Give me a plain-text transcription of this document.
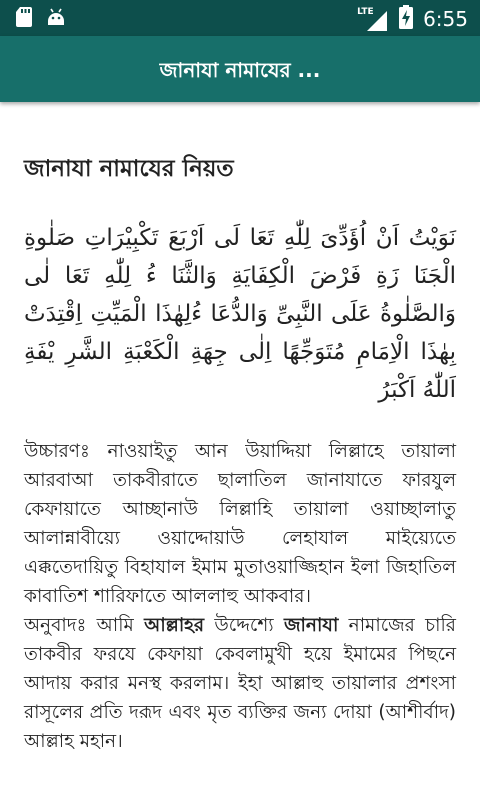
LTE 6:55
জানাযা নামাযের ...
জানাযা নামাযের নিয়ত

نَوَيْتُ اَنْ اُؤَدِّىَ لِلّٰهِ تَعَا لَى اَرْبَعَ تَكْبِيْرَاتِ صَلٰوةِ الْجَنَا زَةِ فَرْضَ الْكِفَايَةِ وَالثَّنَا ءُ لِلّٰهِ تَعَا لٰى وَالصَّلٰوةُ عَلَى النَّبِىِّ وَالدُّعَا ءُلِهٰذَا الْمَيِّتِ اِقْتِدَتْ بِهٰذَا الْاِمَامِ مُتَوَجِّهًا اِلٰى جِهَةِ الْكَعْبَةِ الشَّرِ يْفَةِ اَللّٰهُ اَكْبَرُ

উচ্চারণঃ নাওয়াইতু আন উয়াদ্দিয়া লিল্লাহে তায়ালা আরবাআ তাকবীরাতে ছালাতিল জানাযাতে ফারযুল কেফায়াতে আচ্ছানাউ লিল্লাহি তায়ালা ওয়াচ্ছালাতু আলান্নাবীয়্যে ওয়াদ্দোয়াউ লেহাযাল মাইয়্যেতে এক্কতেদায়িতু বিহাযাল ইমাম মুতাওয়াজ্জিহান ইলা জিহাতিল কাবাতিশ শারিফাতে আললাহু আকবার।

অনুবাদঃ আমি আল্লাহর উদ্দেশ্যে জানাযা নামাজের চারি তাকবীর ফরযে কেফায়া কেবলামুখী হয়ে ইমামের পিছনে আদায় করার মনস্থ করলাম। ইহা আল্লাহু তায়ালার প্রশংসা রাসূলের প্রতি দরূদ এবং মৃত ব্যক্তির জন্য দোয়া (আশীর্বাদ) আল্লাহ মহান।
